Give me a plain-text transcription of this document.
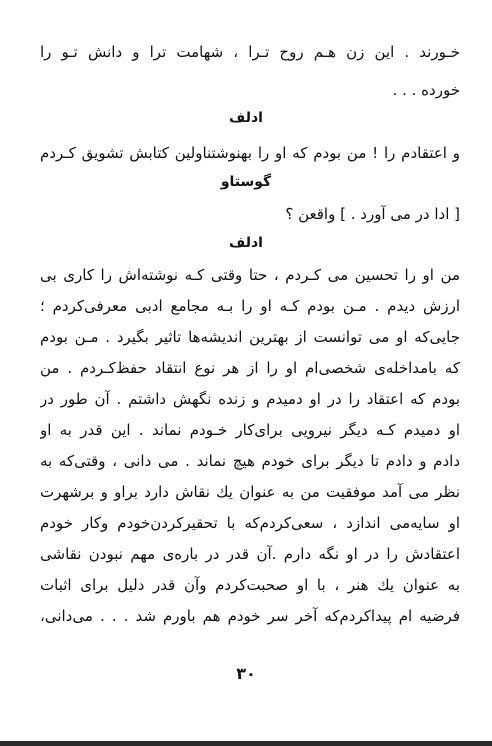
خـورند . این زن هـم روح تـرا ، شهامت ترا و دانش تـو را
خورده . . .
ادلف
و اعتقادم را ! من بودم که او را بهنوشتناولین کتابش تشویق کـردم
گوستاو
[ ادا در می آورد . ] واقعن ؟
ادلف
من او را تحسین می کـردم ، حتا وقتی کـه نوشته‌اش را کاری بی
ارزش دیدم . مـن بودم کـه او را بـه مجامع ادبی معرفی‌کردم ؛
جایی‌که او می توانست از بهترین اندیشه‌ها تاثیر بگیرد . مـن بودم
که بامداخله‌ی شخصی‌ام او را از هر نوع انتقاد حفظ‌کـردم . من
بودم که اعتقاد را در او دمیدم و زنده نگهش داشتم . آن طور در
او دمیدم کـه دیگر نیرویی برای‌کار خـودم نماند . این قدر به او
دادم و دادم تا دیگر برای خودم هیچ نماند . می دانی ، وقتی‌که به
نظر می آمد موفقیت من به عنوان یك نقاش دارد براو و برشهرت
او سایه‌می اندازد ، سعی‌کردم‌که با تحقیرکردن‌خودم وکار خودم
اعتقادش را در او نگه دارم .آن قدر در باره‌ی مهم نبودن نقاشی
به عنوان یك هنر ، با او صحبت‌کردم وآن قدر دلیل برای اثبات
فرضیه ام پیداکردم‌که آخر سر خودم هم باورم شد . . . می‌دانی،
۳۰
